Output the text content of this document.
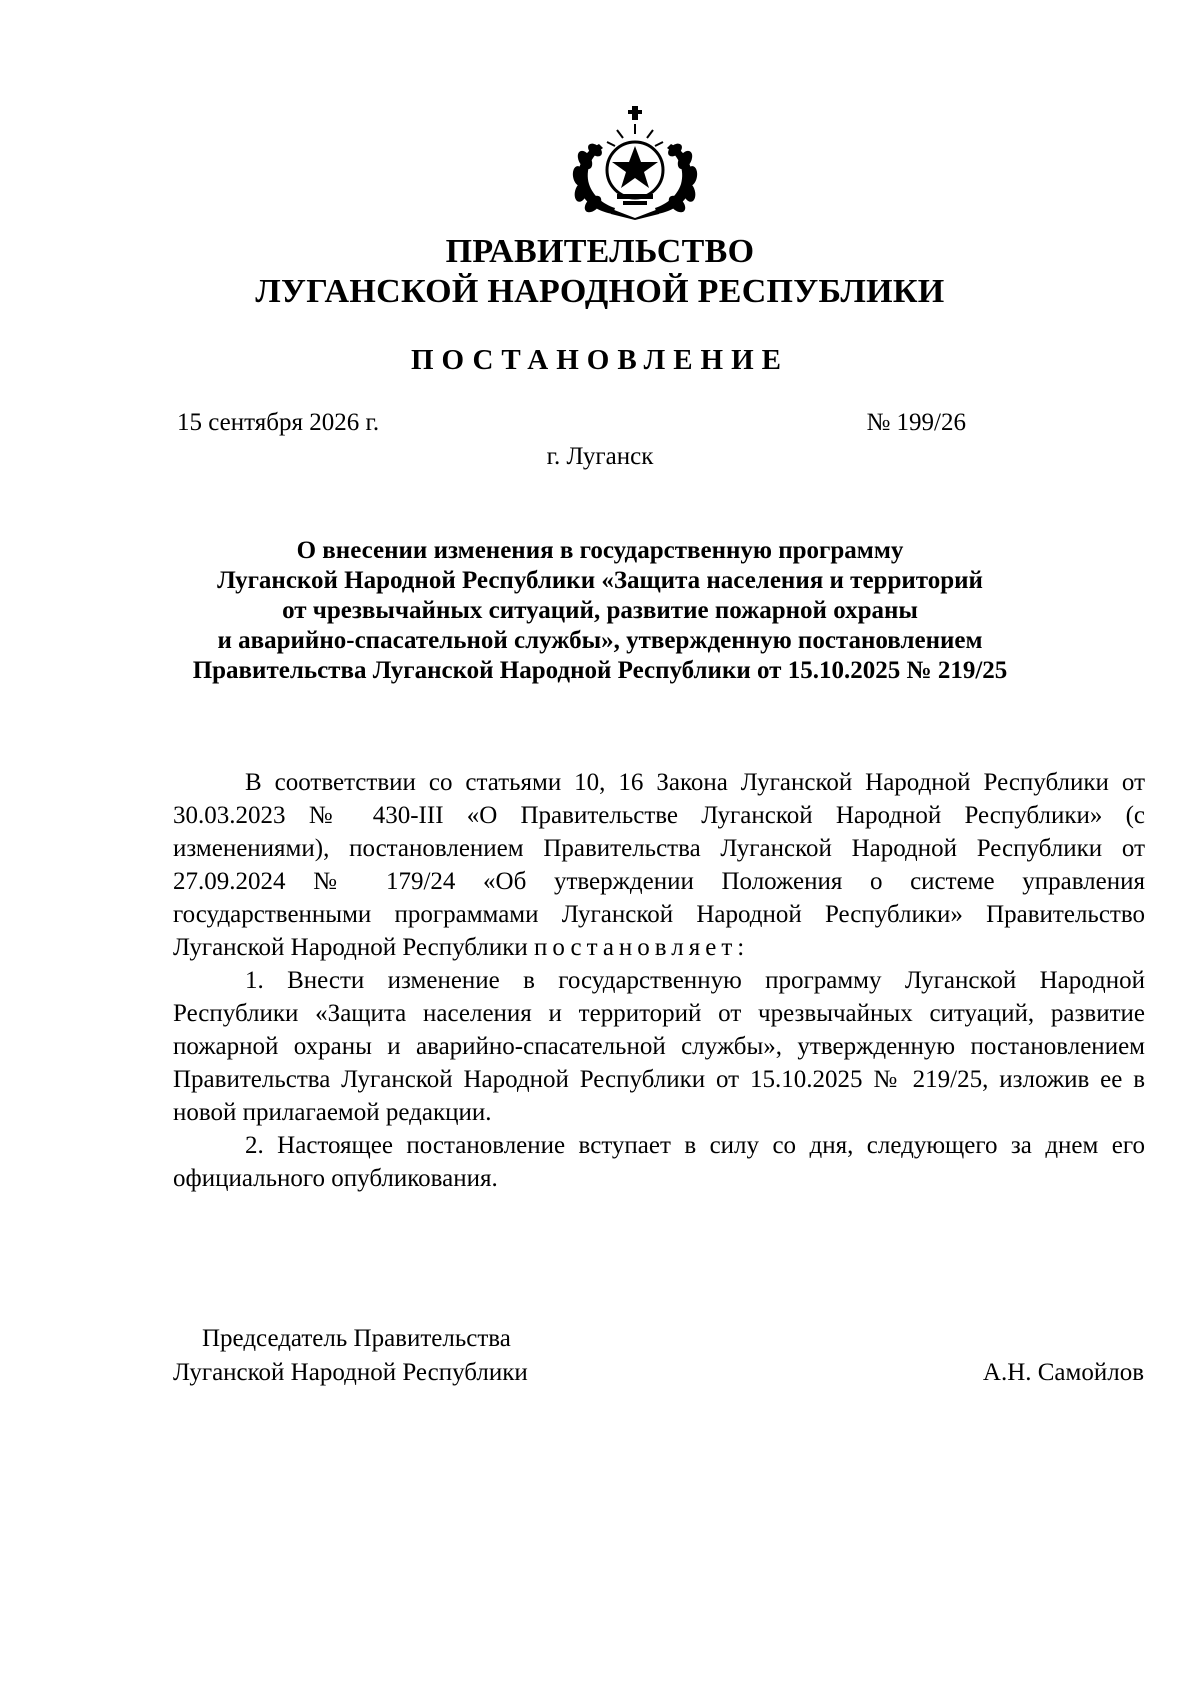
ПРАВИТЕЛЬСТВО
ЛУГАНСКОЙ НАРОДНОЙ РЕСПУБЛИКИ
ПОСТАНОВЛЕНИЕ
15 сентября 2026 г.	№ 199/26
г. Луганск
О внесении изменения в государственную программу
Луганской Народной Республики «Защита населения и территорий
от чрезвычайных ситуаций, развитие пожарной охраны
и аварийно-спасательной службы», утвержденную постановлением
Правительства Луганской Народной Республики от 15.10.2025 № 219/25

В соответствии со статьями 10, 16 Закона Луганской Народной Республики от 30.03.2023 № 430-III «О Правительстве Луганской Народной Республики» (с изменениями), постановлением Правительства Луганской Народной Республики от 27.09.2024 № 179/24 «Об утверждении Положения о системе управления государственными программами Луганской Народной Республики» Правительство Луганской Народной Республики постановляет:

1. Внести изменение в государственную программу Луганской Народной Республики «Защита населения и территорий от чрезвычайных ситуаций, развитие пожарной охраны и аварийно-спасательной службы», утвержденную постановлением Правительства Луганской Народной Республики от 15.10.2025 № 219/25, изложив ее в новой прилагаемой редакции.

2. Настоящее постановление вступает в силу со дня, следующего за днем его официального опубликования.

Председатель Правительства
Луганской Народной Республики	А.Н. Самойлов
